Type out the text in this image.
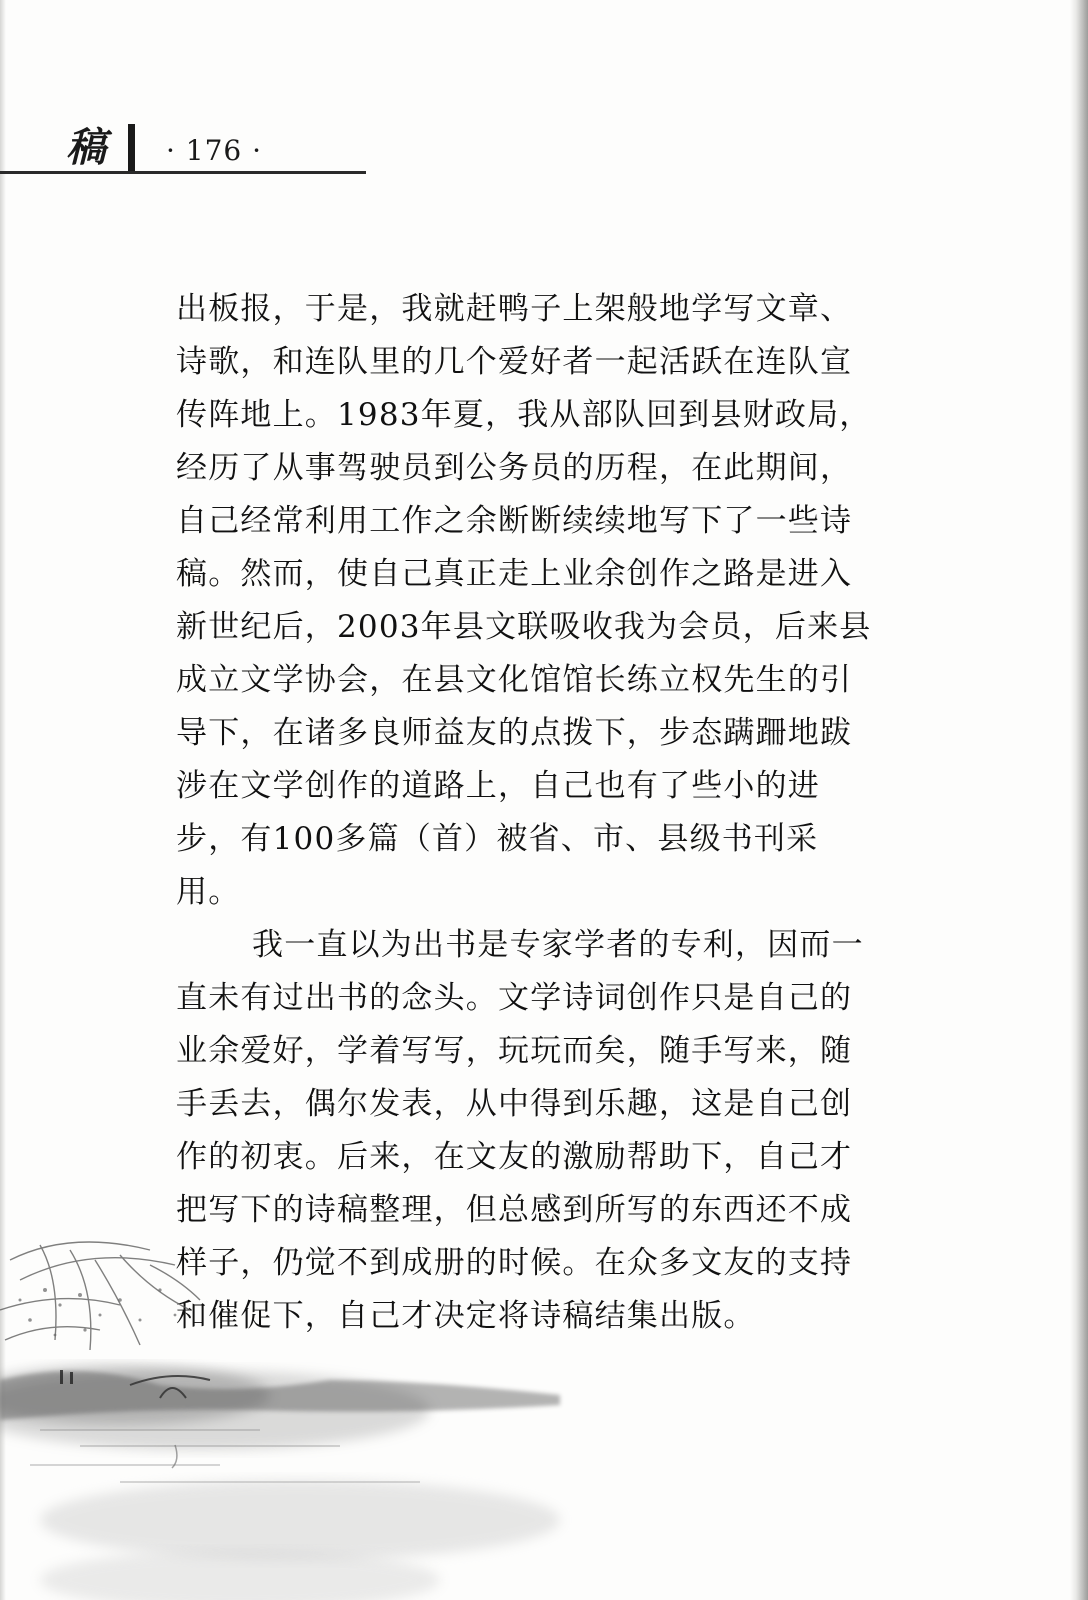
稿	· 176 ·
出板报，于是，我就赶鸭子上架般地学写文章、
诗歌，和连队里的几个爱好者一起活跃在连队宣
传阵地上。1983年夏，我从部队回到县财政局，
经历了从事驾驶员到公务员的历程，在此期间，
自己经常利用工作之余断断续续地写下了一些诗
稿。然而，使自己真正走上业余创作之路是进入
新世纪后，2003年县文联吸收我为会员，后来县
成立文学协会，在县文化馆馆长练立权先生的引
导下，在诸多良师益友的点拨下，步态蹒跚地跋
涉在文学创作的道路上，自己也有了些小的进
步，有100多篇（首）被省、市、县级书刊采
用。
我一直以为出书是专家学者的专利，因而一
直未有过出书的念头。文学诗词创作只是自己的
业余爱好，学着写写，玩玩而矣，随手写来，随
手丢去，偶尔发表，从中得到乐趣，这是自己创
作的初衷。后来，在文友的激励帮助下，自己才
把写下的诗稿整理，但总感到所写的东西还不成
样子，仍觉不到成册的时候。在众多文友的支持
和催促下，自己才决定将诗稿结集出版。
